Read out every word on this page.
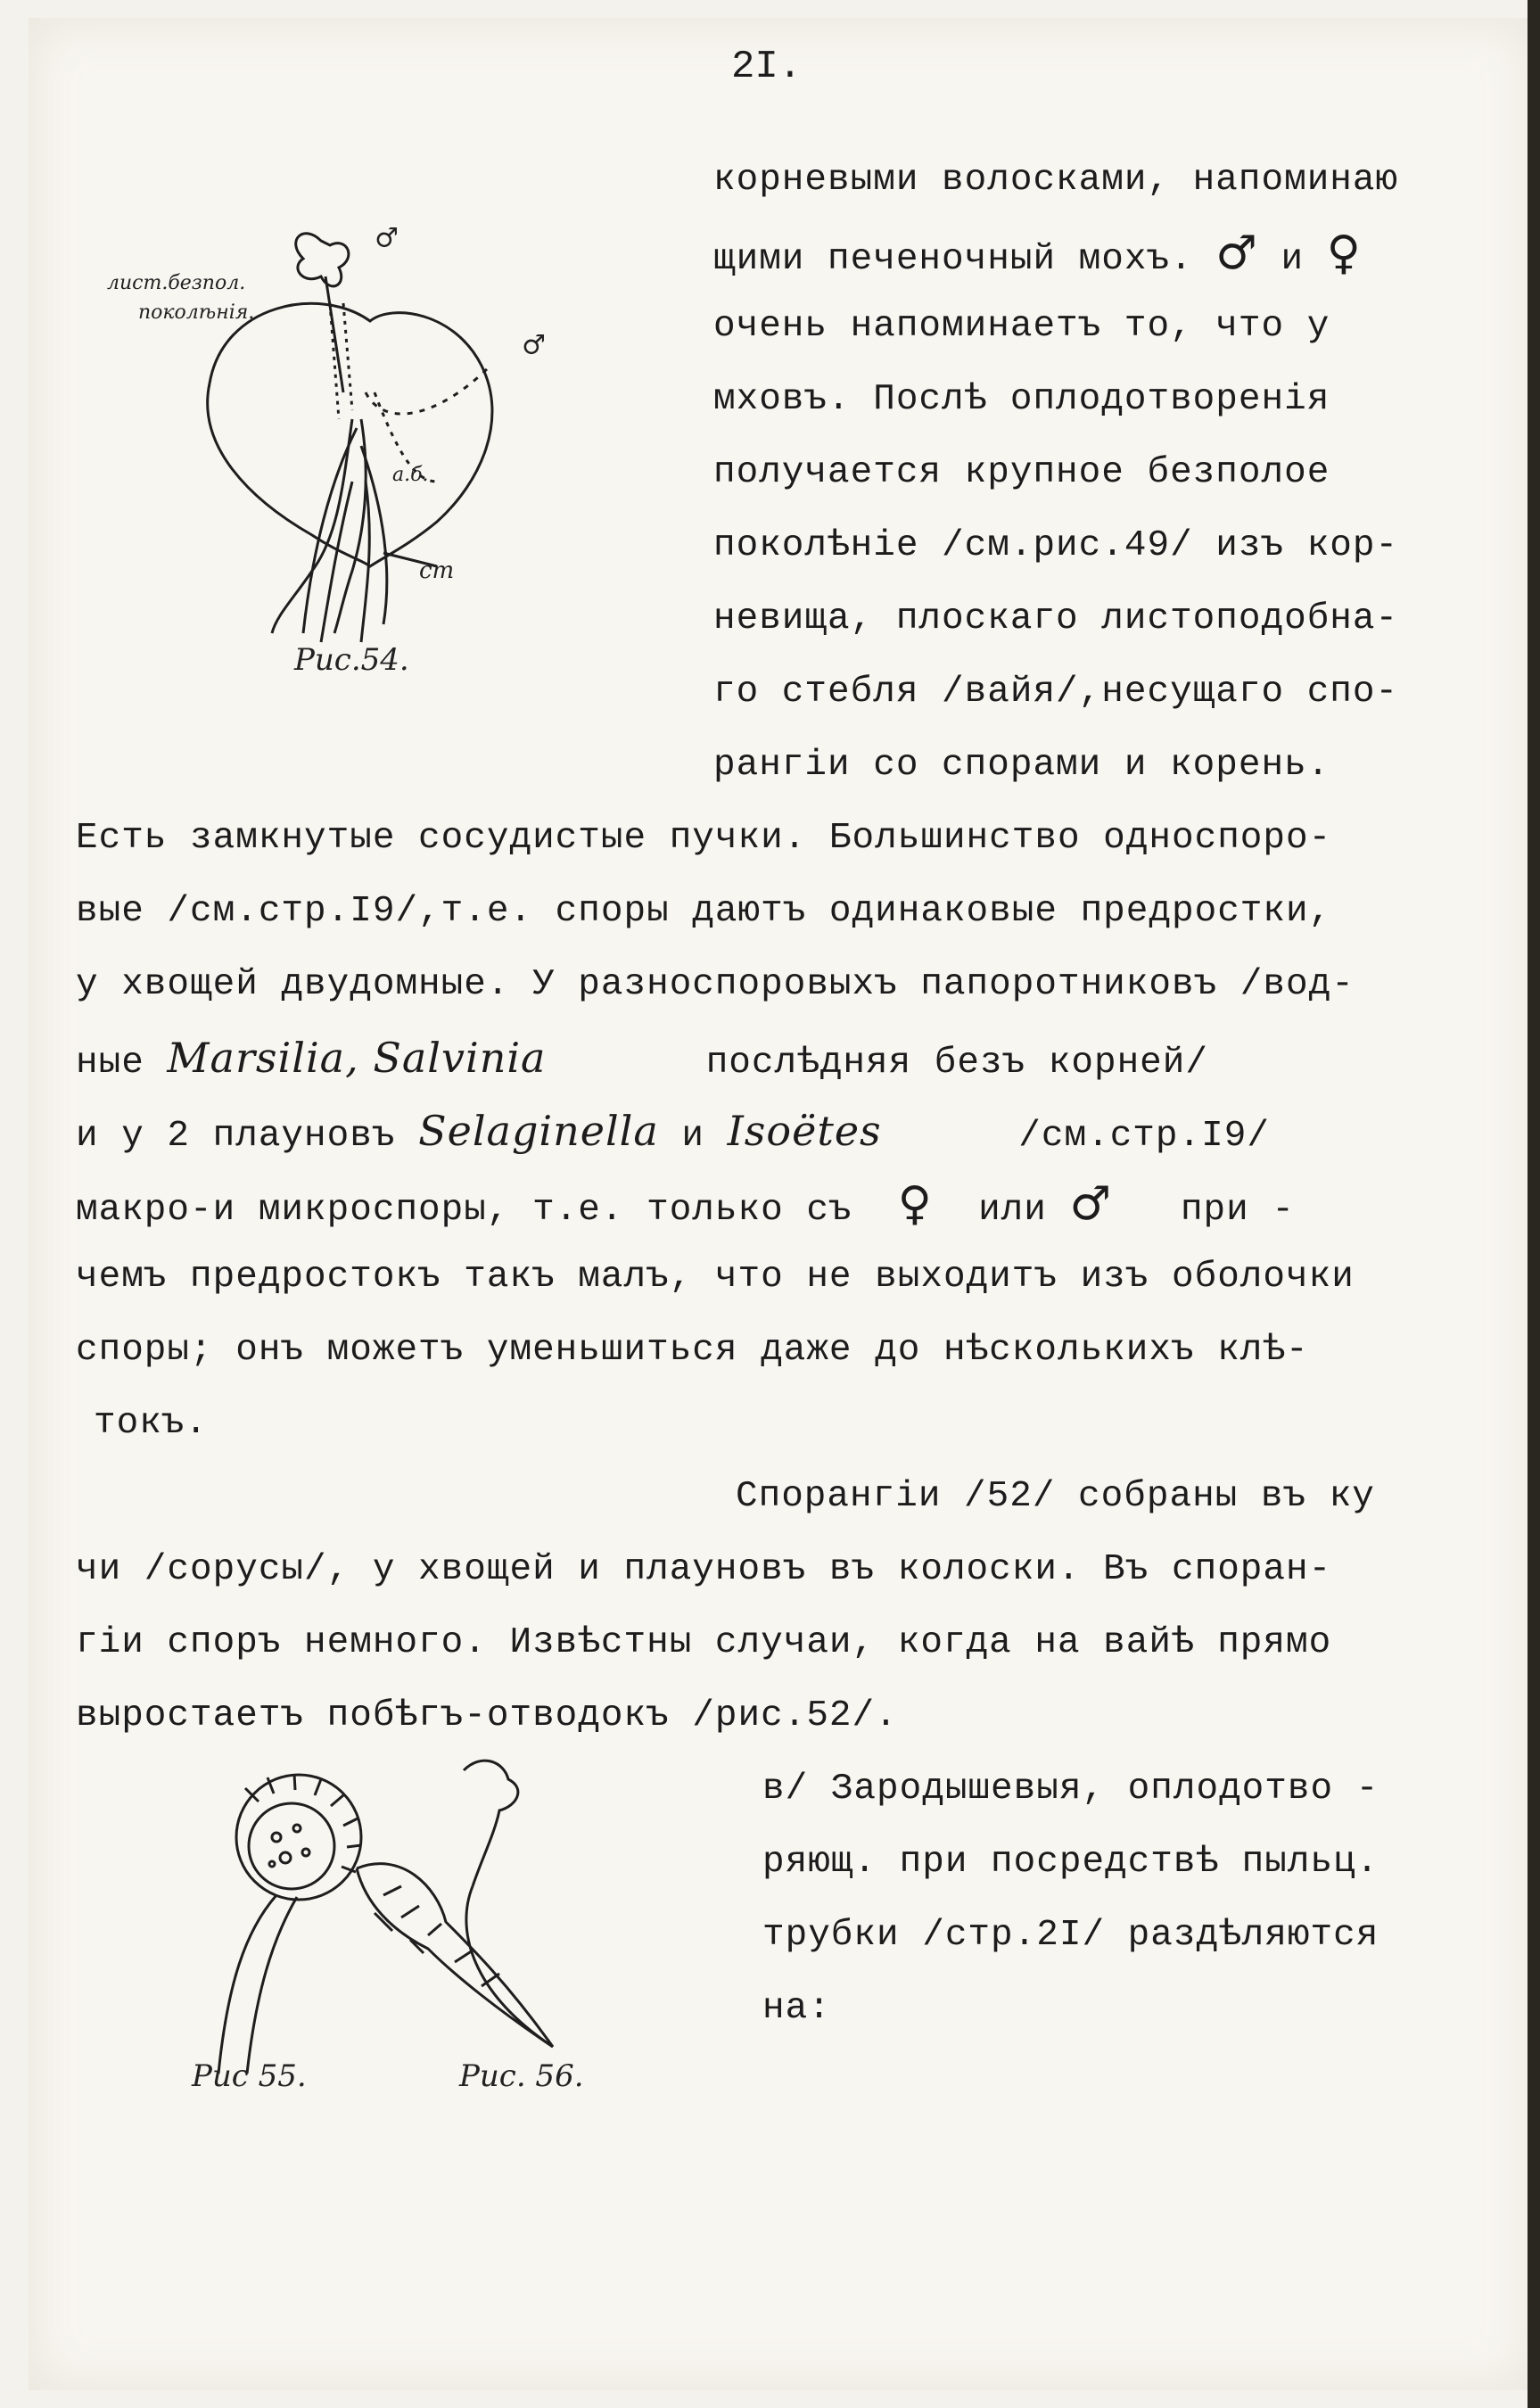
2I.
лист.безпол.
поколѣнія.
♂
♂
а.б.
ст
Рис.54.
корневыми волосками, напоминаю
щими печеночный мохъ. ♂ и ♀
очень напоминаетъ то, что у
мховъ. Послѣ оплодотворенія
получается крупное безполое
поколѣніе /см.рис.49/ изъ кор-
невища, плоскаго листоподобна-
го стебля /вайя/,несущаго спо-
рангіи со спорами и корень.
Есть замкнутые сосудистые пучки. Большинство односпоро-
вые /см.стр.I9/,т.е. споры даютъ одинаковые предростки,
у хвощей двудомные. У разноспоровыхъ папоротниковъ /вод-
ные Marsilia, Salvinia	послѣдняя безъ корней/
и у 2 плауновъ Selaginella и Isoëtes	/см.стр.I9/
макро-и микроспоры, т.е. только съ ♀ или ♂ при -
чемъ предростокъ такъ малъ, что не выходитъ изъ оболочки
споры; онъ можетъ уменьшиться даже до нѣсколькихъ клѣ-
токъ.
Спорангіи /52/ собраны въ ку
чи /сорусы/, у хвощей и плауновъ въ колоски. Въ споран-
гіи споръ немного. Извѣстны случаи, когда на вайѣ прямо
выростаетъ побѣгъ-отводокъ /рис.52/.
в/ Зародышевыя, оплодотво -
ряющ. при посредствѣ пыльц.
трубки /стр.2I/ раздѣляются
на:
Рис 55.	Рис. 56.
